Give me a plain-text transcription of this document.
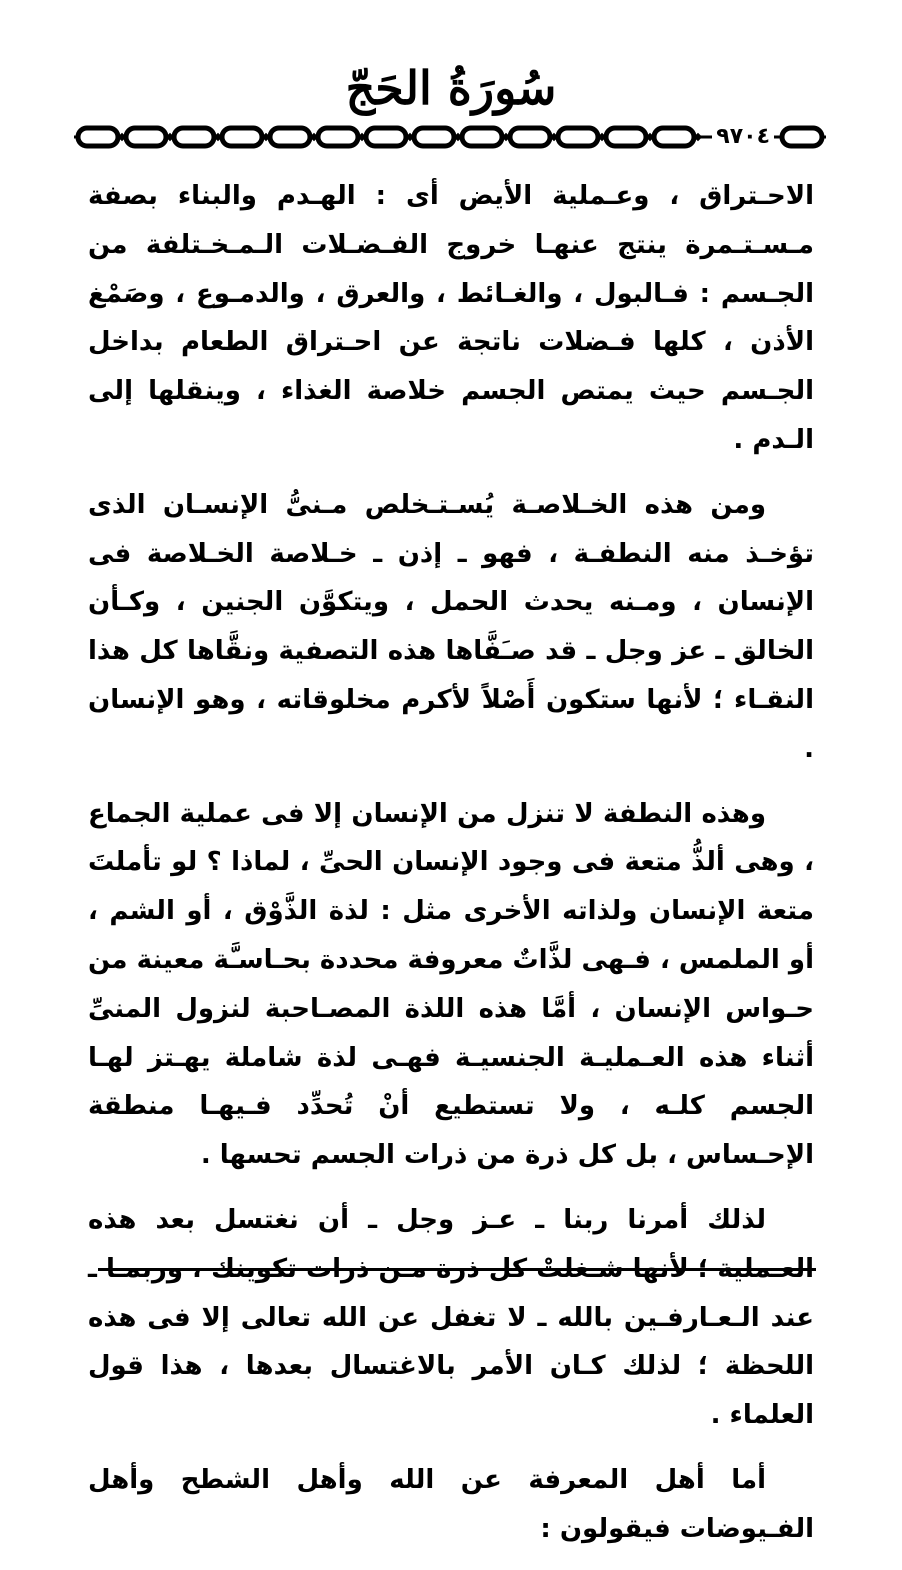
سُورَةُ الحَجّ
٩٧٠٤

الاحـتراق ، وعـملية الأيض أى : الهـدم والبناء بصفة مـسـتـمرة ينتج عنهـا خروج الفـضـلات الـمـخـتلفة من الجـسم : فـالبول ، والغـائط ، والعرق ، والدمـوع ، وصَمْغ الأذن ، كلها فـضلات ناتجة عن احـتراق الطعام بداخل الجـسم حيث يمتص الجسم خلاصة الغذاء ، وينقلها إلى الـدم .

ومن هذه الخـلاصـة يُسـتـخلص مـنىُّ الإنسـان الذى تؤخـذ منه النطفـة ، فهو ـ إذن ـ خـلاصة الخـلاصة فى الإنسان ، ومـنه يحدث الحمل ، ويتكوَّن الجنين ، وكـأن الخالق ـ عز وجل ـ قد صـَفَّاها هذه التصفية ونقَّاها كل هذا النقـاء ؛ لأنها ستكون أَصْلاً لأكرم مخلوقاته ، وهو الإنسان .

وهذه النطفة لا تنزل من الإنسان إلا فى عملية الجماع ، وهى ألذُّ متعة فى وجود الإنسان الحىِّ ، لماذا ؟ لو تأملتَ متعة الإنسان ولذاته الأخرى مثل : لذة الذَّوْق ، أو الشم ، أو الملمس ، فـهى لذَّاتٌ معروفة محددة بحـاسـَّة معينة من حـواس الإنسان ، أمَّا هذه اللذة المصـاحبة لنزول المنىِّ أثناء هذه العـمليـة الجنسيـة فهـى لذة شاملة يهـتز لهـا الجسم كلـه ، ولا تستطيع أنْ تُحدِّد فـيهـا منطقة الإحـساس ، بل كل ذرة من ذرات الجسم تحسها .

لذلك أمرنا ربنا ـ عـز وجل ـ أن نغتسل بعد هذه العـملية ؛ لأنها شـغلتْ كل ذرة مـن ذرات تكوينك ، وربمـا ـ عند الـعـارفـين بالله ـ لا تغفل عن الله تعالى إلا فى هذه اللحظة ؛ لذلك كـان الأمر بالاغتسال بعدها ، هذا قول العلماء .

أما أهل المعرفة عن الله وأهل الشطح وأهل الفـيوضات فيقولون :
